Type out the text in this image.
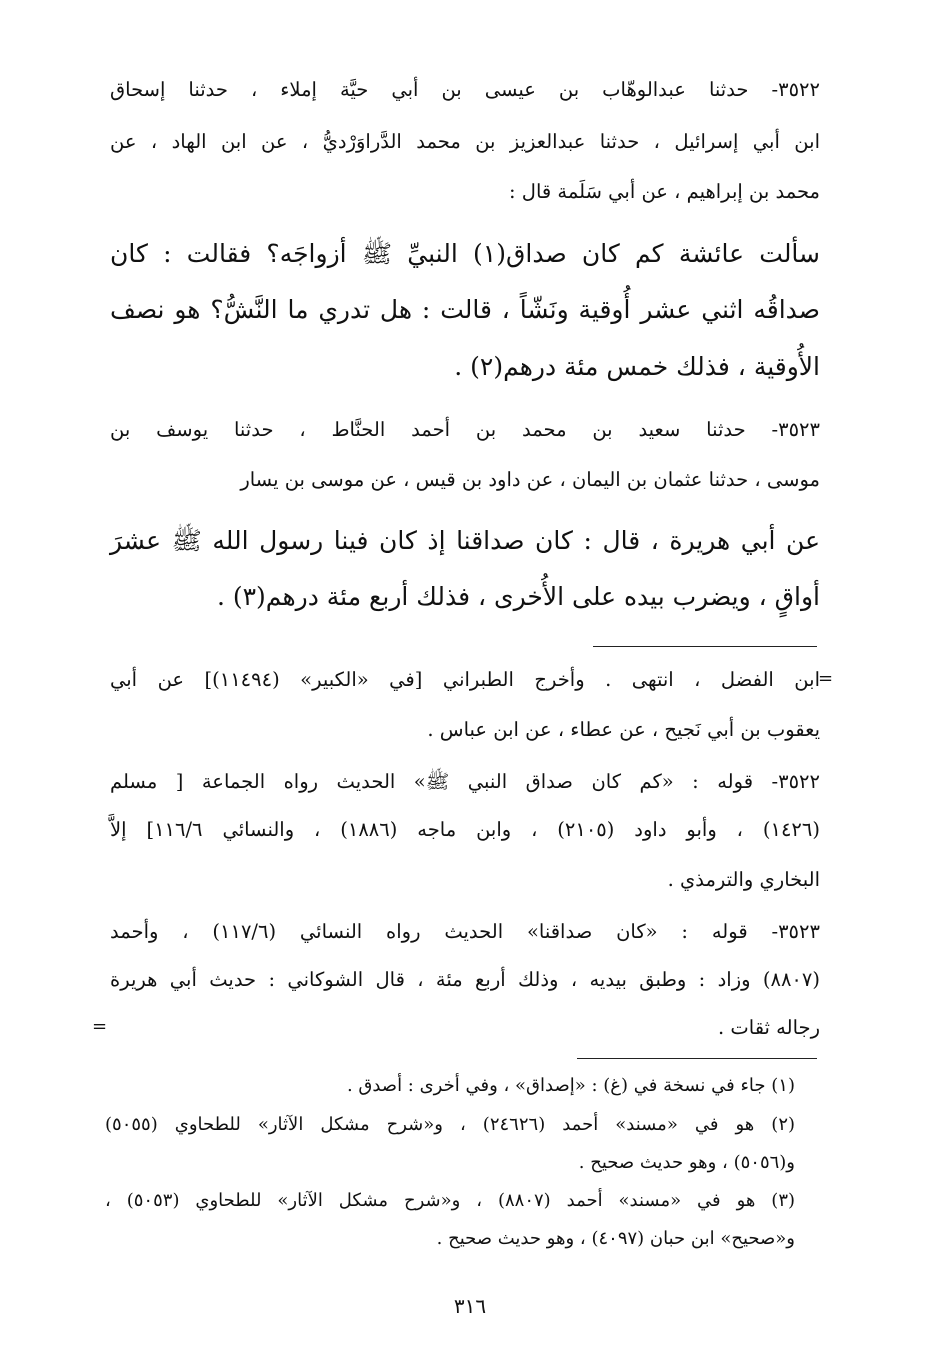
٣٥٢٢- حدثنا عبدالوهّاب بن عيسى بن أبي حيَّة إملاء ، حدثنا إسحاق
ابن أبي إسرائيل ، حدثنا عبدالعزيز بن محمد الدَّراوَرْديُّ ، عن ابن الهاد ، عن
محمد بن إبراهيم ، عن أبي سَلَمة قال :
سألت عائشة كم كان صداق(١) النبيِّ ﷺ أزواجَه؟ فقالت : كان
صداقُه اثني عشر أُوقية ونَشّاً ، قالت : هل تدري ما النَّشُّ؟ هو نصف
الأُوقية ، فذلك خمس مئة درهم(٢) .
٣٥٢٣- حدثنا سعيد بن محمد بن أحمد الحنَّاط ، حدثنا يوسف بن
موسى ، حدثنا عثمان بن اليمان ، عن داود بن قيس ، عن موسى بن يسار
عن أبي هريرة ، قال : كان صداقنا إذ كان فينا رسول الله ﷺ عشرَ
أواقٍ ، ويضرب بيده على الأُخرى ، فذلك أربع مئة درهم(٣) .
=
ابن الفضل ، انتهى . وأخرج الطبراني [في «الكبير» (١١٤٩٤)] عن أبي
يعقوب بن أبي نَجيح ، عن عطاء ، عن ابن عباس .
٣٥٢٢- قوله : «كم كان صداق النبي ﷺ» الحديث رواه الجماعة [ مسلم
(١٤٢٦) ، وأبو داود (٢١٠٥) ، وابن ماجه (١٨٨٦) ، والنسائي ١١٦/٦] إلاَّ
البخاري والترمذي .
٣٥٢٣- قوله : «كان صداقنا» الحديث رواه النسائي (١١٧/٦) ، وأحمد
(٨٨٠٧) وزاد : وطبق بيديه ، وذلك أربع مئة ، قال الشوكاني : حديث أبي هريرة
رجاله ثقات .
=
(١) جاء في نسخة في (غ) : «إصداق» ، وفي أخرى : أصدق .
(٢) هو في «مسند» أحمد (٢٤٦٢٦) ، و«شرح مشكل الآثار» للطحاوي (٥٠٥٥)
و(٥٠٥٦) ، وهو حديث صحيح .
(٣) هو في «مسند» أحمد (٨٨٠٧) ، و«شرح مشكل الآثار» للطحاوي (٥٠٥٣) ،
و«صحيح» ابن حبان (٤٠٩٧) ، وهو حديث صحيح .
٣١٦
